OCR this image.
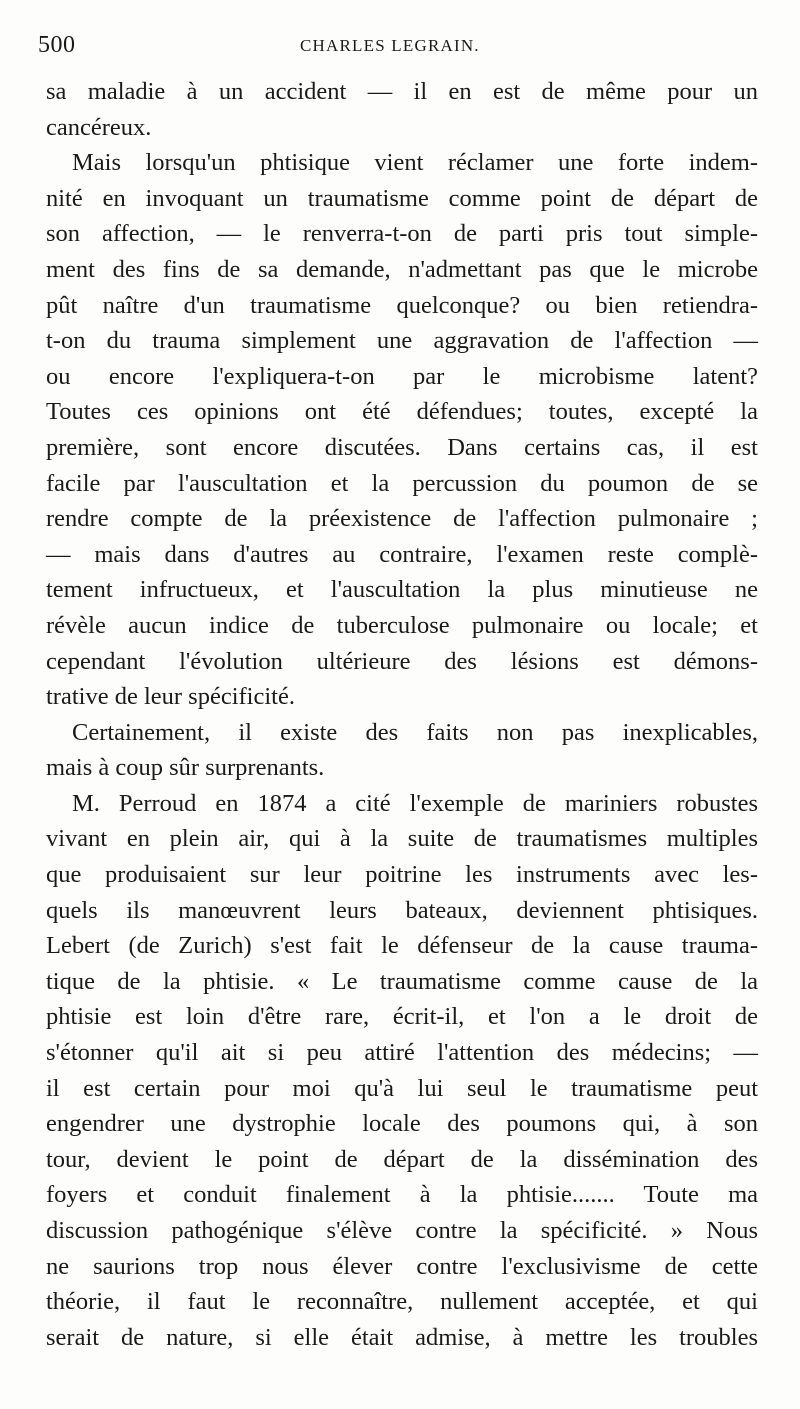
500	CHARLES LEGRAIN.
sa maladie à un accident — il en est de même pour un
cancéreux.
Mais lorsqu'un phtisique vient réclamer une forte indem-
nité en invoquant un traumatisme comme point de départ de
son affection, — le renverra-t-on de parti pris tout simple-
ment des fins de sa demande, n'admettant pas que le microbe
pût naître d'un traumatisme quelconque? ou bien retiendra-
t-on du trauma simplement une aggravation de l'affection —
ou encore l'expliquera-t-on par le microbisme latent?
Toutes ces opinions ont été défendues; toutes, excepté la
première, sont encore discutées. Dans certains cas, il est
facile par l'auscultation et la percussion du poumon de se
rendre compte de la préexistence de l'affection pulmonaire ;
— mais dans d'autres au contraire, l'examen reste complè-
tement infructueux, et l'auscultation la plus minutieuse ne
révèle aucun indice de tuberculose pulmonaire ou locale; et
cependant l'évolution ultérieure des lésions est démons-
trative de leur spécificité.
Certainement, il existe des faits non pas inexplicables,
mais à coup sûr surprenants.
M. Perroud en 1874 a cité l'exemple de mariniers robustes
vivant en plein air, qui à la suite de traumatismes multiples
que produisaient sur leur poitrine les instruments avec les-
quels ils manœuvrent leurs bateaux, deviennent phtisiques.
Lebert (de Zurich) s'est fait le défenseur de la cause trauma-
tique de la phtisie. « Le traumatisme comme cause de la
phtisie est loin d'être rare, écrit-il, et l'on a le droit de
s'étonner qu'il ait si peu attiré l'attention des médecins; —
il est certain pour moi qu'à lui seul le traumatisme peut
engendrer une dystrophie locale des poumons qui, à son
tour, devient le point de départ de la dissémination des
foyers et conduit finalement à la phtisie....... Toute ma
discussion pathogénique s'élève contre la spécificité. » Nous
ne saurions trop nous élever contre l'exclusivisme de cette
théorie, il faut le reconnaître, nullement acceptée, et qui
serait de nature, si elle était admise, à mettre les troubles
